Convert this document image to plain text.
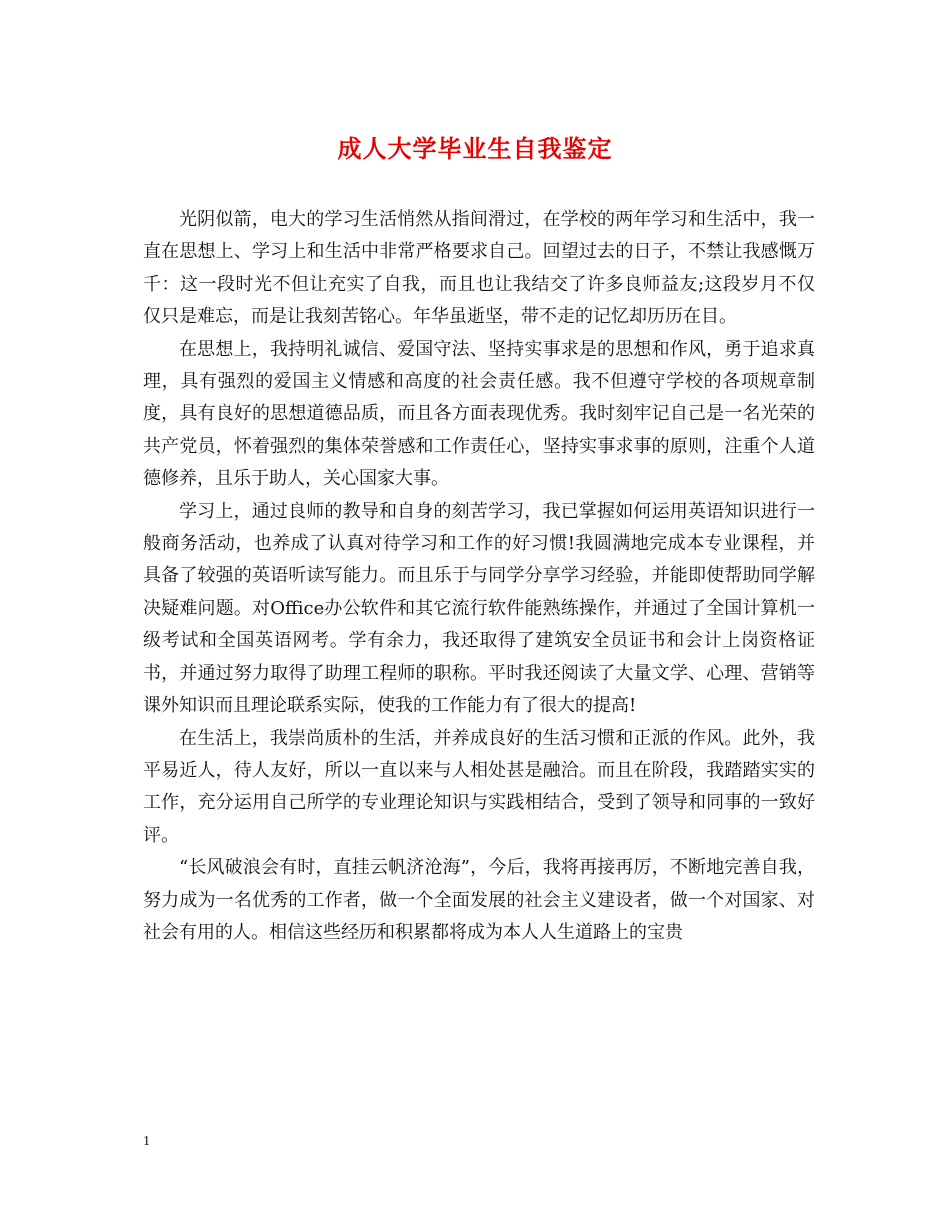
成人大学毕业生自我鉴定

光阴似箭，电大的学习生活悄然从指间滑过，在学校的两年学习和生活中，我一直在思想上、学习上和生活中非常严格要求自己。回望过去的日子，不禁让我感慨万千：这一段时光不但让充实了自我，而且也让我结交了许多良师益友;这段岁月不仅仅只是难忘，而是让我刻苦铭心。年华虽逝坚，带不走的记忆却历历在目。

在思想上，我持明礼诚信、爱国守法、坚持实事求是的思想和作风，勇于追求真理，具有强烈的爱国主义情感和高度的社会责任感。我不但遵守学校的各项规章制度，具有良好的思想道德品质，而且各方面表现优秀。我时刻牢记自己是一名光荣的共产党员，怀着强烈的集体荣誉感和工作责任心，坚持实事求事的原则，注重个人道德修养，且乐于助人，关心国家大事。

学习上，通过良师的教导和自身的刻苦学习，我已掌握如何运用英语知识进行一般商务活动，也养成了认真对待学习和工作的好习惯!我圆满地完成本专业课程，并具备了较强的英语听读写能力。而且乐于与同学分享学习经验，并能即使帮助同学解决疑难问题。对Office办公软件和其它流行软件能熟练操作，并通过了全国计算机一级考试和全国英语网考。学有余力，我还取得了建筑安全员证书和会计上岗资格证书，并通过努力取得了助理工程师的职称。平时我还阅读了大量文学、心理、营销等课外知识而且理论联系实际，使我的工作能力有了很大的提高!

在生活上，我崇尚质朴的生活，并养成良好的生活习惯和正派的作风。此外，我平易近人，待人友好，所以一直以来与人相处甚是融洽。而且在阶段，我踏踏实实的工作，充分运用自己所学的专业理论知识与实践相结合，受到了领导和同事的一致好评。

“长风破浪会有时，直挂云帆济沧海”，今后，我将再接再厉，不断地完善自我，努力成为一名优秀的工作者，做一个全面发展的社会主义建设者，做一个对国家、对社会有用的人。相信这些经历和积累都将成为本人人生道路上的宝贵

1
